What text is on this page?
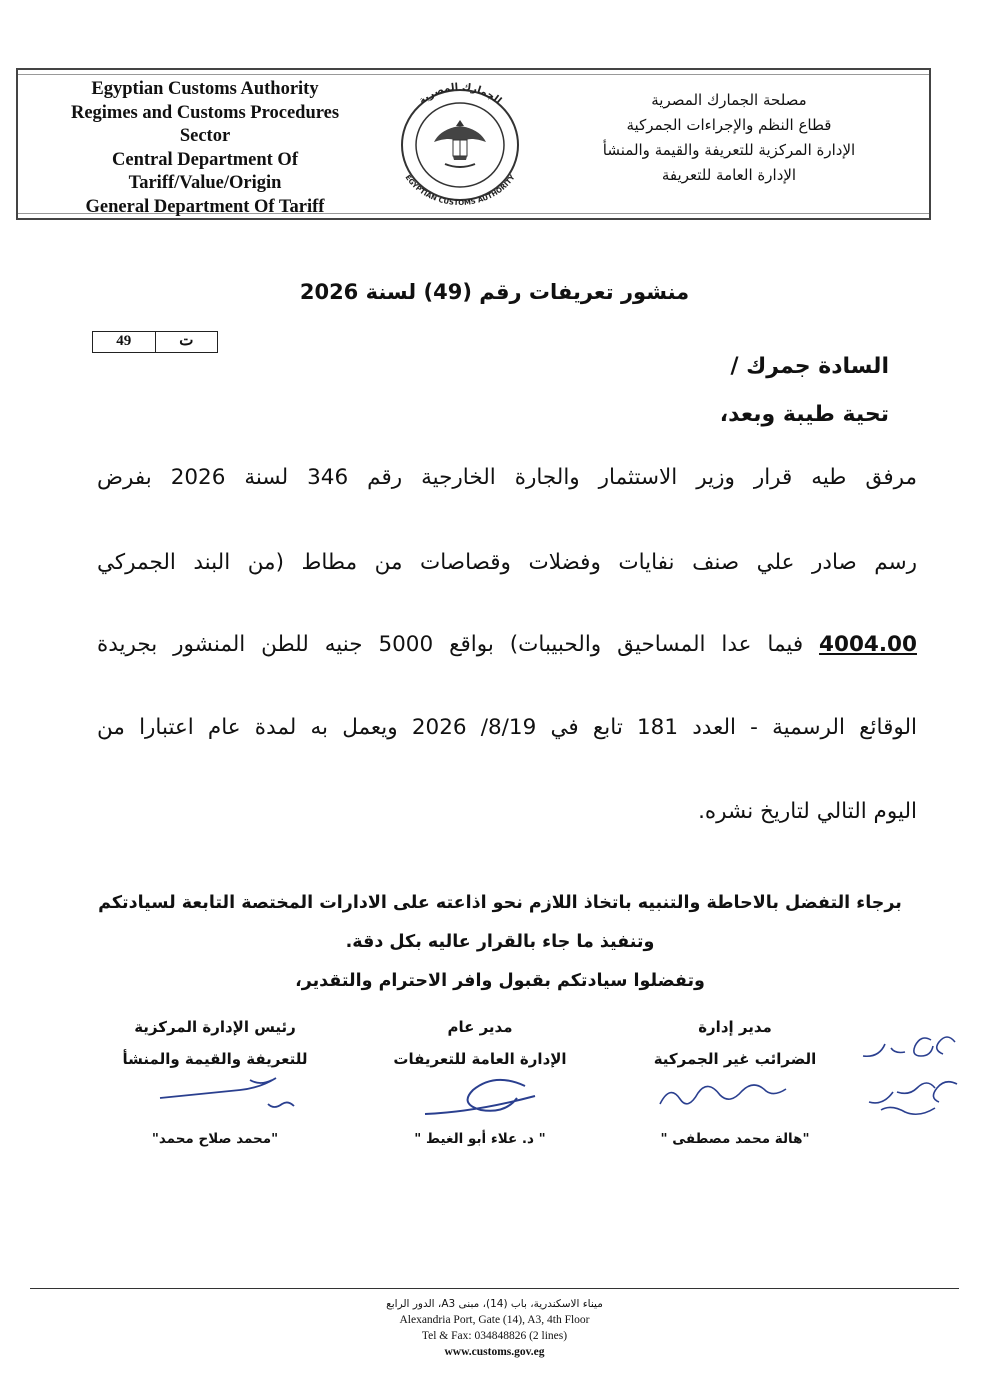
Egyptian Customs Authority
Regimes and Customs Procedures
Sector
Central Department Of
Tariff/Value/Origin
General Department Of Tariff
مصلحة الجمارك المصرية
قطاع النظم والإجراءات الجمركية
الإدارة المركزية للتعريفة والقيمة والمنشأ
الإدارة العامة للتعريفة
الجمارك المصرية
EGYPTIAN CUSTOMS AUTHORITY
منشور تعريفات رقم (49) لسنة 2026
ت
49
السادة جمرك /
تحية طيبة وبعد،
مرفق طيه قرار وزير الاستثمار والجارة الخارجية رقم 346 لسنة 2026 بفرض
رسم صادر علي صنف نفايات وفضلات وقصاصات من مطاط (من البند الجمركي
4004.00 فيما عدا المساحيق والحبيبات) بواقع 5000 جنيه للطن المنشور بجريدة
الوقائع الرسمية - العدد 181 تابع في 8/19/ 2026 ويعمل به لمدة عام اعتبارا من
اليوم التالي لتاريخ نشره.
برجاء التفضل بالاحاطة والتنبيه باتخاذ اللازم نحو اذاعته على الادارات المختصة التابعة لسيادتكم
وتنفيذ ما جاء بالقرار عاليه بكل دقة.
وتفضلوا سيادتكم بقبول وافر الاحترام والتقدير،
مدير إدارة
الضرائب غير الجمركية
"هالة محمد مصطفى "
مدير عام
الإدارة العامة للتعريفات
" د. علاء أبو الغيط "
رئيس الإدارة المركزية
للتعريفة والقيمة والمنشأ
"محمد صلاح محمد"
ميناء الاسكندرية، باب (14)، مبنى A3، الدور الرابع
Alexandria Port, Gate (14), A3, 4th Floor
Tel & Fax: 034848826 (2 lines)
www.customs.gov.eg
